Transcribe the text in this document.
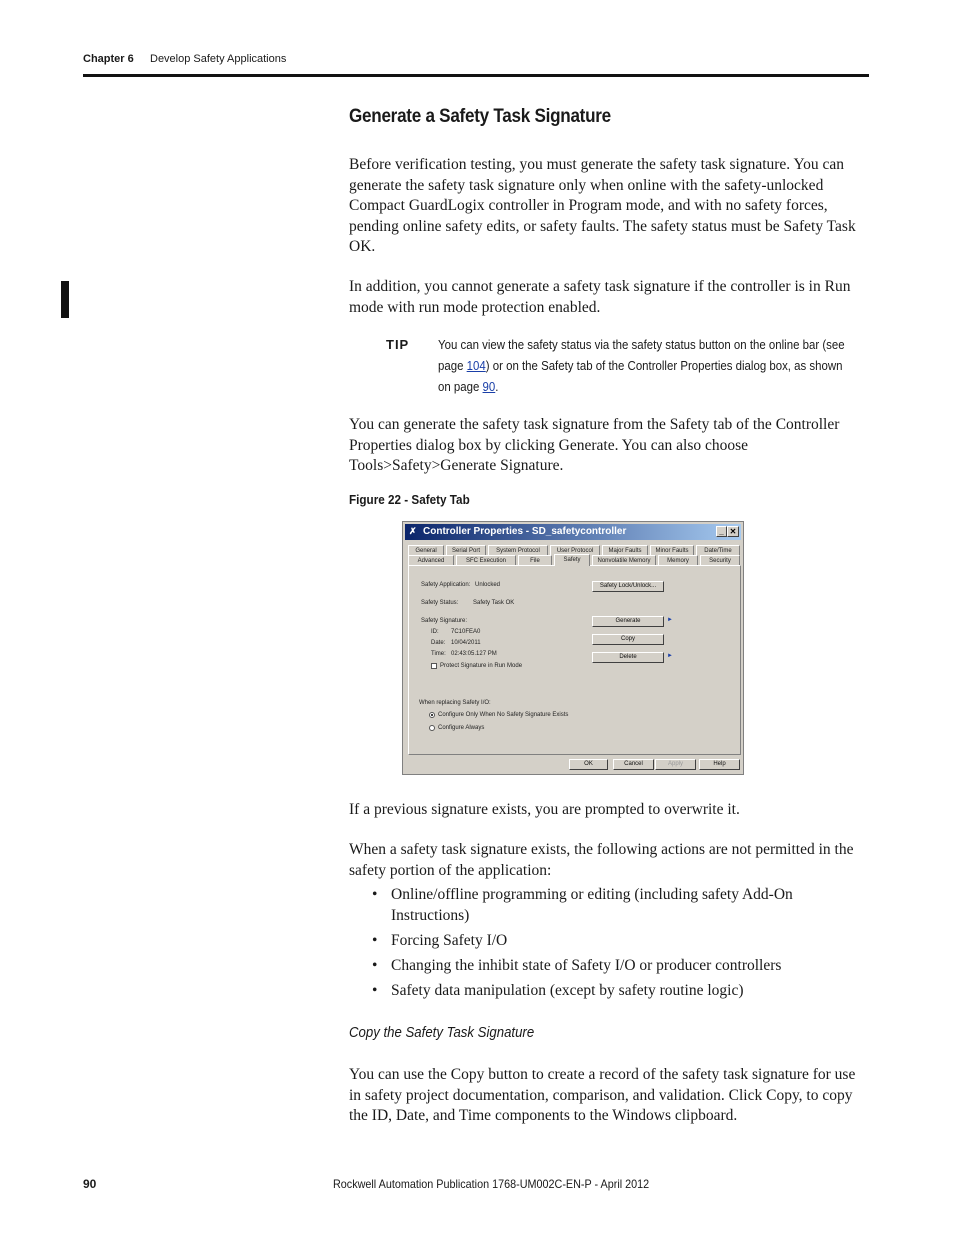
Chapter 6 Develop Safety Applications
Generate a Safety Task Signature
Before verification testing, you must generate the safety task signature. You can generate the safety task signature only when online with the safety-unlocked Compact GuardLogix controller in Program mode, and with no safety forces, pending online safety edits, or safety faults. The safety status must be Safety Task OK.
In addition, you cannot generate a safety task signature if the controller is in Run mode with run mode protection enabled.
TIP You can view the safety status via the safety status button on the online bar (see page 104) or on the Safety tab of the Controller Properties dialog box, as shown on page 90.
You can generate the safety task signature from the Safety tab of the Controller Properties dialog box by clicking Generate. You can also choose Tools>Safety>Generate Signature.
Figure 22 - Safety Tab
✗ Controller Properties - SD_safetycontroller	_ ✕
General	Serial Port	System Protocol	User Protocol	Major Faults	Minor Faults	Date/Time
Advanced	SFC Execution	File	Safety	Nonvolatile Memory	Memory	Security
Safety Application: Unlocked
Safety Status: Safety Task OK
Safety Signature:
ID: 7C10FEA0
Date: 10/04/2011
Time: 02:43:05.127 PM
Protect Signature in Run Mode
When replacing Safety I/O:
Configure Only When No Safety Signature Exists
Configure Always
Safety Lock/Unlock...
Generate	►
Copy
Delete	►
OK	Cancel	Apply	Help
If a previous signature exists, you are prompted to overwrite it.
When a safety task signature exists, the following actions are not permitted in the safety portion of the application:
• Online/offline programming or editing (including safety Add-On Instructions)
• Forcing Safety I/O
• Changing the inhibit state of Safety I/O or producer controllers
• Safety data manipulation (except by safety routine logic)
Copy the Safety Task Signature
You can use the Copy button to create a record of the safety task signature for use in safety project documentation, comparison, and validation. Click Copy, to copy the ID, Date, and Time components to the Windows clipboard.
90	Rockwell Automation Publication 1768-UM002C-EN-P - April 2012
